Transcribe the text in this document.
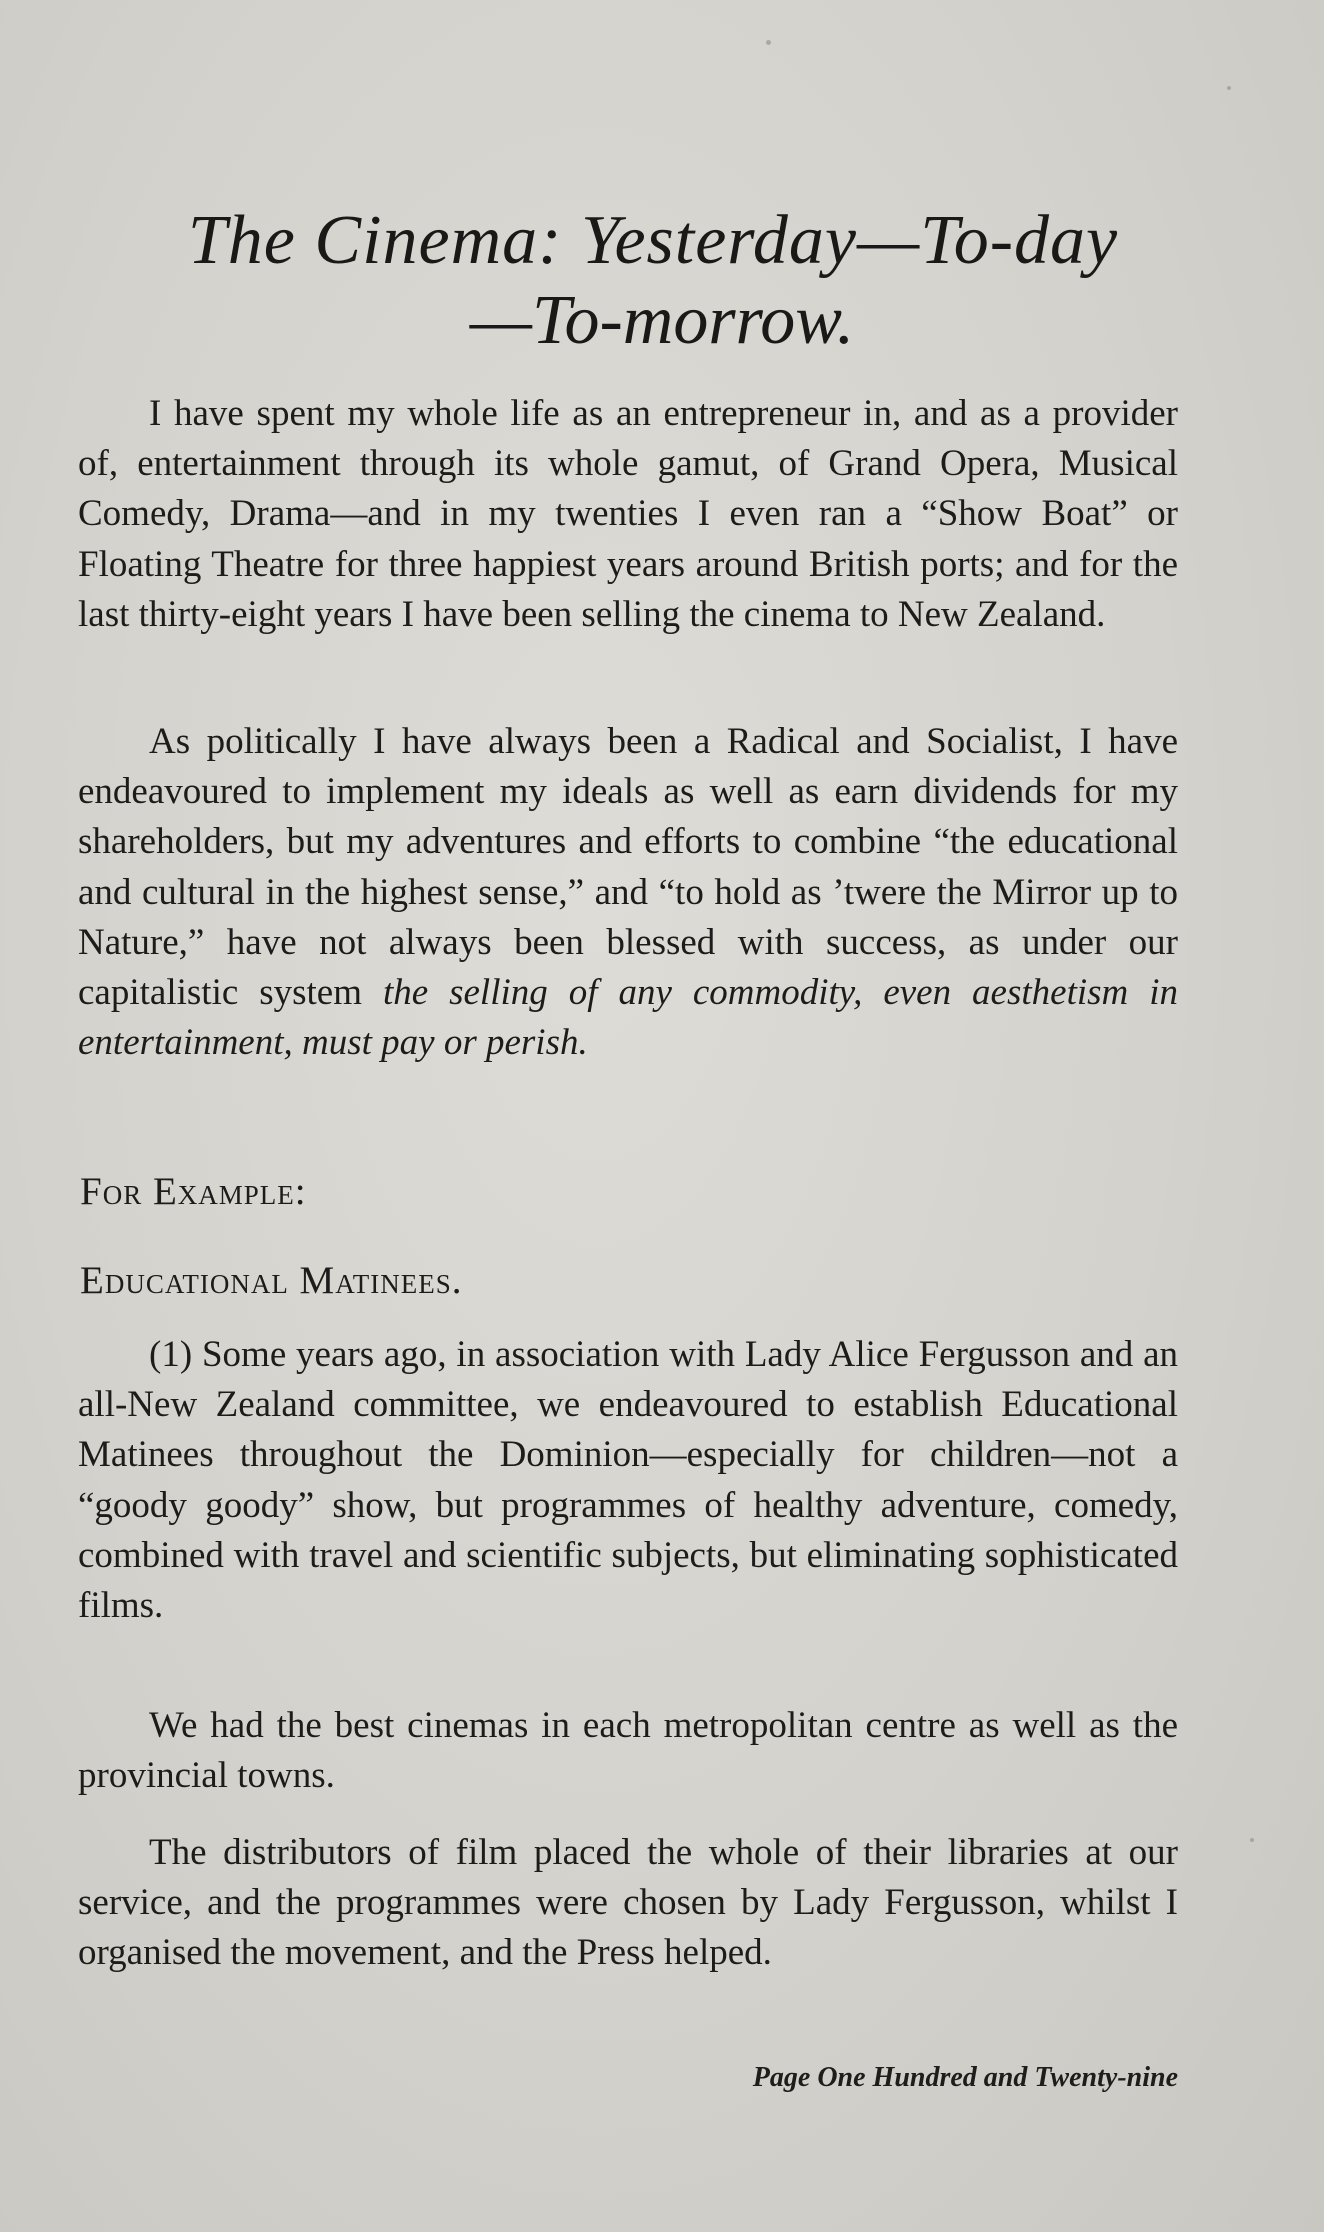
The Cinema: Yesterday—To-day
—To-morrow.

I have spent my whole life as an entrepreneur in, and as a provider of, entertainment through its whole gamut, of Grand Opera, Musical Comedy, Drama—and in my twenties I even ran a “Show Boat” or Floating Theatre for three happiest years around British ports; and for the last thirty-eight years I have been selling the cinema to New Zealand.

As politically I have always been a Radical and Socialist, I have endeavoured to implement my ideals as well as earn dividends for my shareholders, but my adventures and efforts to combine “the educational and cultural in the highest sense,” and “to hold as ’twere the Mirror up to Nature,” have not always been blessed with success, as under our capitalistic system the selling of any commodity, even aesthetism in entertainment, must pay or perish.

For Example:
Educational Matinees.

(1) Some years ago, in association with Lady Alice Fergusson and an all-New Zealand committee, we endeavoured to establish Educational Matinees throughout the Dominion—especially for children—not a “goody goody” show, but programmes of healthy adventure, comedy, combined with travel and scientific subjects, but eliminating sophisticated films.

We had the best cinemas in each metropolitan centre as well as the provincial towns.

The distributors of film placed the whole of their libraries at our service, and the programmes were chosen by Lady Fergusson, whilst I organised the movement, and the Press helped.

Page One Hundred and Twenty-nine
